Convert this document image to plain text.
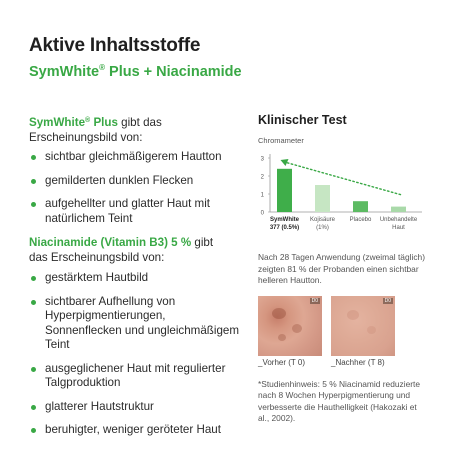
Aktive Inhaltsstoffe
SymWhite® Plus + Niacinamide
SymWhite® Plus gibt das
Erscheinungsbild von:
sichtbar gleichmäßigerem Hautton
gemilderten dunklen Flecken
aufgehellter und glatter Haut mit natürlichem Teint
Niacinamide (Vitamin B3) 5 % gibt
das Erscheinungsbild von:
gestärktem Hautbild
sichtbarer Aufhellung von Hyperpigmentierungen, Sonnenflecken und ungleichmäßigem Teint
ausgeglichener Haut mit regulierter Talgproduktion
glatterer Hautstruktur
beruhigter, weniger geröteter Haut
Klinischer Test
Chromameter
0
1
2
3
SymWhite
377 (0.5%)
Kojisäure
(1%)
Placebo Unbehandelte
Haut
Nach 28 Tagen Anwendung (zweimal täglich) zeigten 81 % der Probanden einen sichtbar helleren Hautton.
D0	D0
_Vorher (T 0)	_Nachher (T 8)
*Studienhinweis: 5 % Niacinamid reduzierte nach 8 Wochen Hyperpigmentierung und verbesserte die Hauthelligkeit (Hakozaki et al., 2002).
